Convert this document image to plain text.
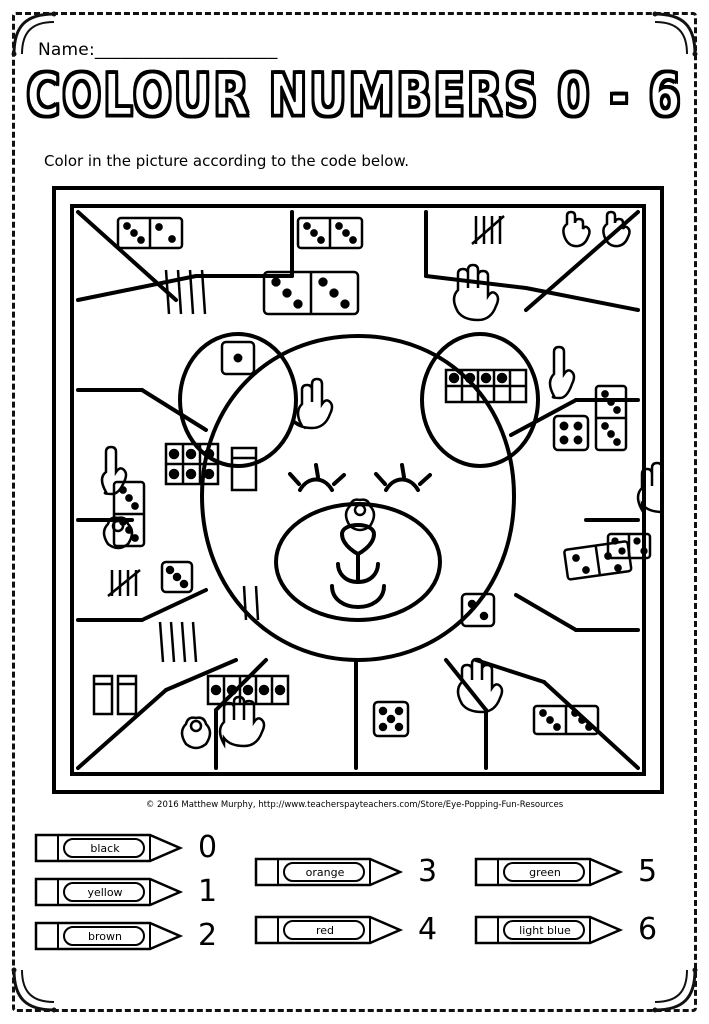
Name:_____________________
COLOUR NUMBERS 0 - 6
Color in the picture according to the code below.
© 2016 Matthew Murphy, http://www.teacherspayteachers.com/Store/Eye-Popping-Fun-Resources
black	0
yellow	1
brown	2
orange	3
red	4
green	5
light blue	6
